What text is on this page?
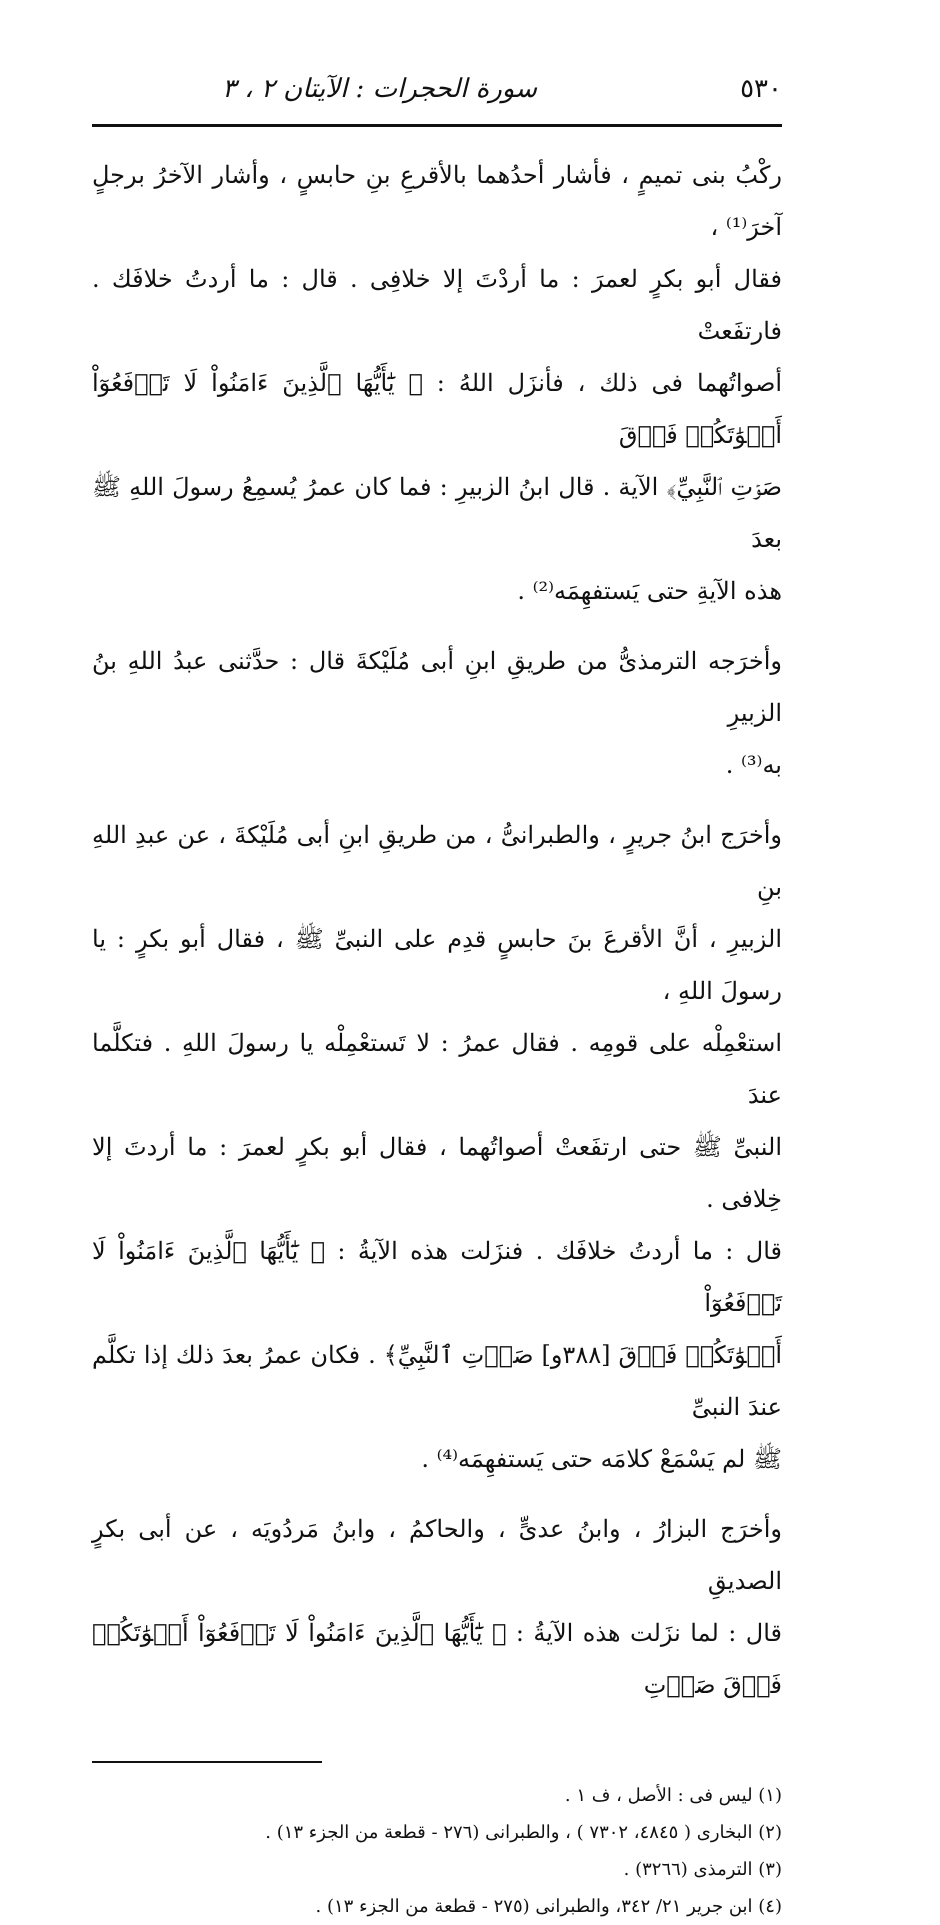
٥٣٠
سورة الحجرات : الآيتان ٢ ، ٣
ركْبُ بنى تميمٍ ، فأشار أحدُهما بالأقرعِ بنِ حابسٍ ، وأشار الآخرُ برجلٍ آخرَ⁽¹⁾ ،
فقال أبو بكرٍ لعمرَ : ما أردْتَ إلا خلافِى . قال : ما أردتُ خلافَك . فارتفَعتْ
أصواتُهما فى ذلك ، فأنزَل اللهُ : ﴿ يَٰٓأَيُّهَا ٱلَّذِينَ ءَامَنُواْ لَا تَرۡفَعُوٓاْ أَصۡوَٰتَكُمۡ فَوۡقَ
صَوۡتِ ٱلنَّبِيِّ﴾ الآية . قال ابنُ الزبيرِ : فما كان عمرُ يُسمِعُ رسولَ اللهِ ﷺ بعدَ
هذه الآيةِ حتى يَستفهِمَه⁽²⁾ .
وأخرَجه الترمذىُّ من طريقِ ابنِ أبى مُلَيْكةَ قال : حدَّثنى عبدُ اللهِ بنُ الزبيرِ
به⁽³⁾ .
وأخرَج ابنُ جريرٍ ، والطبرانىُّ ، من طريقِ ابنِ أبى مُلَيْكةَ ، عن عبدِ اللهِ بنِ
الزبيرِ ، أنَّ الأقرعَ بنَ حابسٍ قدِم على النبىِّ ﷺ ، فقال أبو بكرٍ : يا رسولَ اللهِ ،
استعْمِلْه على قومِه . فقال عمرُ : لا تَستعْمِلْه يا رسولَ اللهِ . فتكلَّما عندَ
النبىِّ ﷺ حتى ارتفَعتْ أصواتُهما ، فقال أبو بكرٍ لعمرَ : ما أردتَ إلا خِلافى .
قال : ما أردتُ خلافَك . فنزَلت هذه الآيةُ : ﴿ يَٰٓأَيُّهَا ٱلَّذِينَ ءَامَنُواْ لَا تَرۡفَعُوٓاْ
أَصۡوَٰتَكُمۡ فَوۡقَ [٣٨٨و] صَوۡتِ ٱلنَّبِيِّ﴾ . فكان عمرُ بعدَ ذلك إذا تكلَّم عندَ النبىِّ
ﷺ لم يَسْمَعْ كلامَه حتى يَستفهِمَه⁽⁴⁾ .
وأخرَج البزارُ ، وابنُ عدىٍّ ، والحاكمُ ، وابنُ مَردُويَه ، عن أبى بكرٍ الصديقِ
قال : لما نزَلت هذه الآيةُ : ﴿ يَٰٓأَيُّهَا ٱلَّذِينَ ءَامَنُواْ لَا تَرۡفَعُوٓاْ أَصۡوَٰتَكُمۡ فَوۡقَ صَوۡتِ
(١) ليس فى : الأصل ، ف ١ .
(٢) البخارى ( ٤٨٤٥، ٧٣٠٢ ) ، والطبرانى (٢٧٦ - قطعة من الجزء ١٣) .
(٣) الترمذى (٣٢٦٦) .
(٤) ابن جرير ٢١/ ٣٤٢، والطبرانى (٢٧٥ - قطعة من الجزء ١٣) .
